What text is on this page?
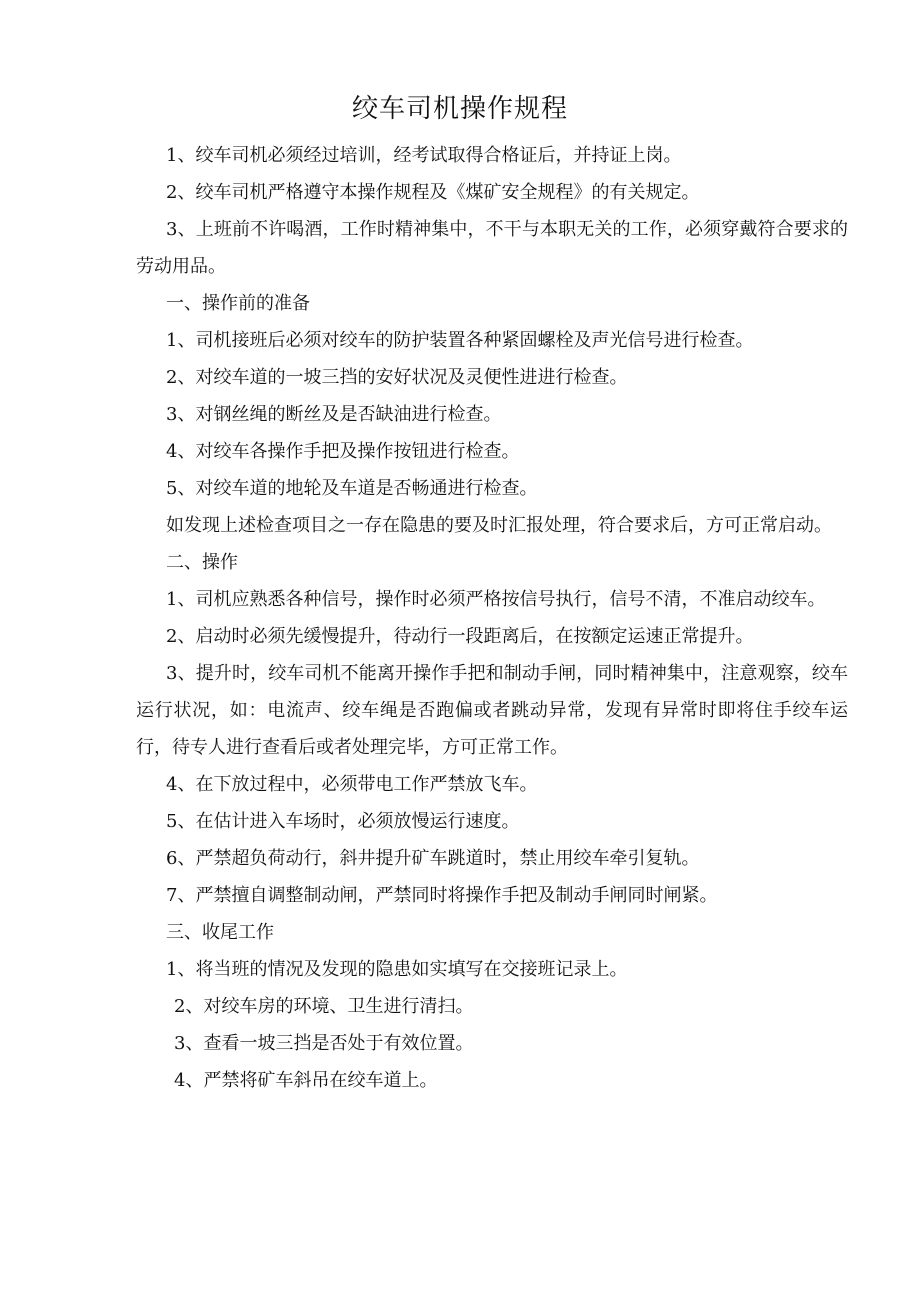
绞车司机操作规程

1、绞车司机必须经过培训，经考试取得合格证后，并持证上岗。

2、绞车司机严格遵守本操作规程及《煤矿安全规程》的有关规定。

3、上班前不许喝酒，工作时精神集中，不干与本职无关的工作，必须穿戴符合要求的劳动用品。

一、操作前的准备

1、司机接班后必须对绞车的防护装置各种紧固螺栓及声光信号进行检查。

2、对绞车道的一坡三挡的安好状况及灵便性进进行检查。

3、对钢丝绳的断丝及是否缺油进行检查。

4、对绞车各操作手把及操作按钮进行检查。

5、对绞车道的地轮及车道是否畅通进行检查。

如发现上述检查项目之一存在隐患的要及时汇报处理，符合要求后，方可正常启动。

二、操作

1、司机应熟悉各种信号，操作时必须严格按信号执行，信号不清，不准启动绞车。

2、启动时必须先缓慢提升，待动行一段距离后，在按额定运速正常提升。

3、提升时，绞车司机不能离开操作手把和制动手闸，同时精神集中，注意观察，绞车运行状况，如：电流声、绞车绳是否跑偏或者跳动异常，发现有异常时即将住手绞车运行，待专人进行查看后或者处理完毕，方可正常工作。

4、在下放过程中，必须带电工作严禁放飞车。

5、在估计进入车场时，必须放慢运行速度。

6、严禁超负荷动行，斜井提升矿车跳道时，禁止用绞车牵引复轨。

7、严禁擅自调整制动闸，严禁同时将操作手把及制动手闸同时闸紧。

三、收尾工作

1、将当班的情况及发现的隐患如实填写在交接班记录上。

2、对绞车房的环境、卫生进行清扫。

3、查看一坡三挡是否处于有效位置。

4、严禁将矿车斜吊在绞车道上。
